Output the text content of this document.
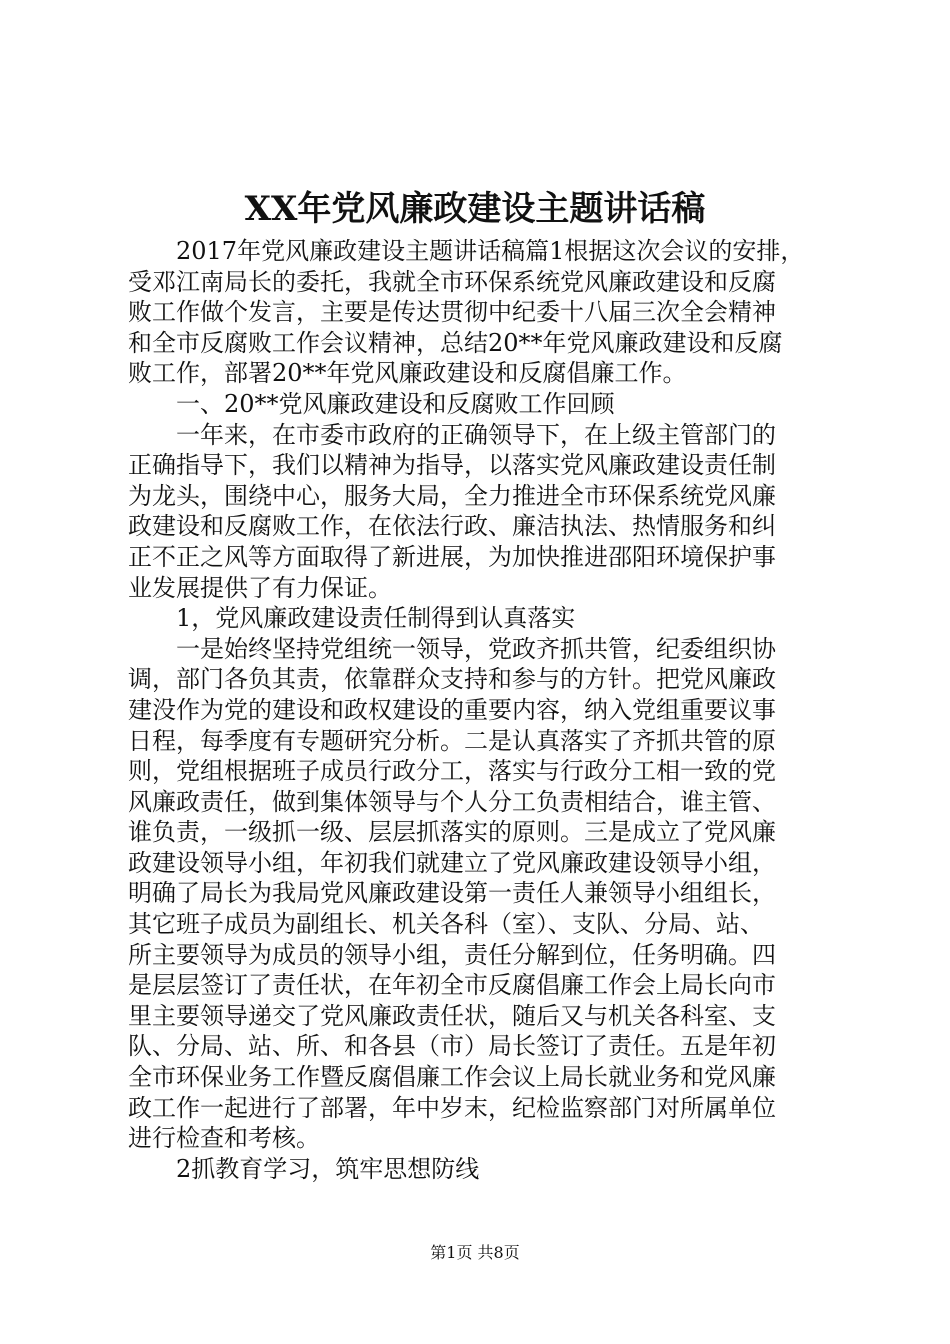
XX年党风廉政建设主题讲话稿
　　2017年党风廉政建设主题讲话稿篇1根据这次会议的安排，
受邓江南局长的委托，我就全市环保系统党风廉政建设和反腐
败工作做个发言，主要是传达贯彻中纪委十八届三次全会精神
和全市反腐败工作会议精神，总结20**年党风廉政建设和反腐
败工作，部署20**年党风廉政建设和反腐倡廉工作。
　　一、20**党风廉政建设和反腐败工作回顾
　　一年来，在市委市政府的正确领导下，在上级主管部门的
正确指导下，我们以精神为指导，以落实党风廉政建设责任制
为龙头，围绕中心，服务大局，全力推进全市环保系统党风廉
政建设和反腐败工作，在依法行政、廉洁执法、热情服务和纠
正不正之风等方面取得了新进展，为加快推进邵阳环境保护事
业发展提供了有力保证。
　　1，党风廉政建设责任制得到认真落实
　　一是始终坚持党组统一领导，党政齐抓共管，纪委组织协
调，部门各负其责，依靠群众支持和参与的方针。把党风廉政
建没作为党的建设和政权建设的重要内容，纳入党组重要议事
日程，每季度有专题研究分析。二是认真落实了齐抓共管的原
则，党组根据班子成员行政分工，落实与行政分工相一致的党
风廉政责任，做到集体领导与个人分工负责相结合，谁主管、
谁负责，一级抓一级、层层抓落实的原则。三是成立了党风廉
政建设领导小组，年初我们就建立了党风廉政建设领导小组，
明确了局长为我局党风廉政建设第一责任人兼领导小组组长，
其它班子成员为副组长、机关各科（室）、支队、分局、站、
所主要领导为成员的领导小组，责任分解到位，任务明确。四
是层层签订了责任状，在年初全市反腐倡廉工作会上局长向市
里主要领导递交了党风廉政责任状，随后又与机关各科室、支
队、分局、站、所、和各县（市）局长签订了责任。五是年初
全市环保业务工作暨反腐倡廉工作会议上局长就业务和党风廉
政工作一起进行了部署，年中岁末，纪检监察部门对所属单位
进行检查和考核。
　　2抓教育学习，筑牢思想防线
第1页 共8页
